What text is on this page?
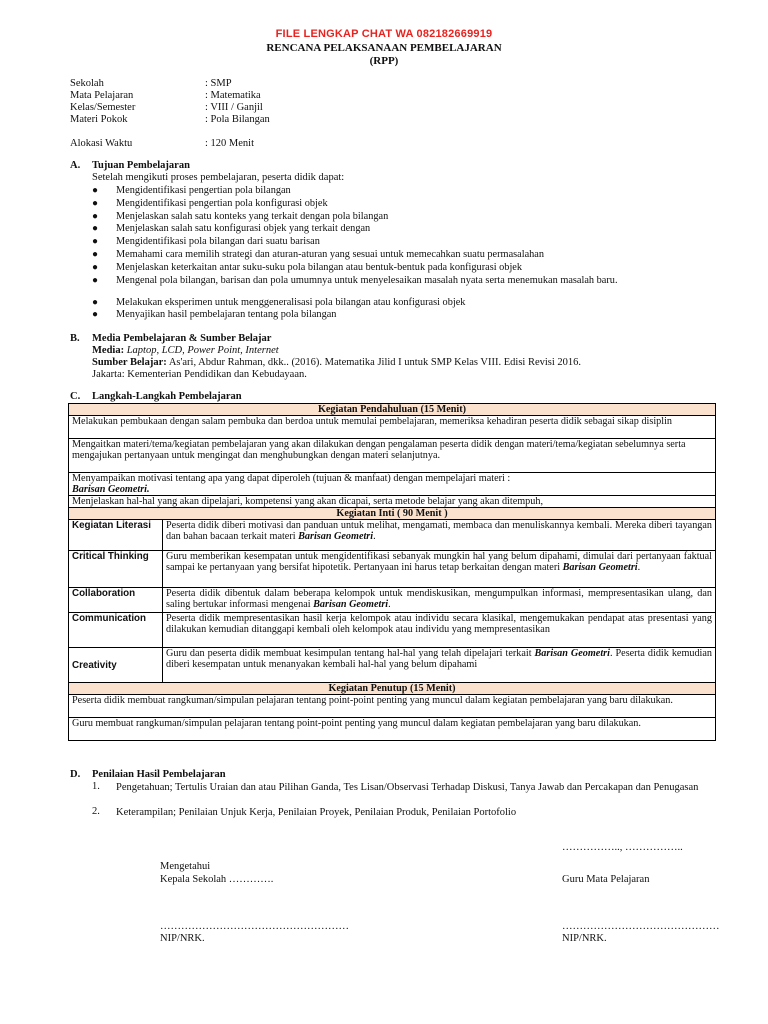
FILE LENGKAP CHAT WA 082182669919
RENCANA PELAKSANAAN PEMBELAJARAN
(RPP)
Sekolah	: SMP
Mata Pelajaran	: Matematika
Kelas/Semester	: VIII / Ganjil
Materi Pokok	: Pola Bilangan
Alokasi Waktu	: 120 Menit
A. Tujuan Pembelajaran
Setelah mengikuti proses pembelajaran, peserta didik dapat:
● Mengidentifikasi pengertian pola bilangan
● Mengidentifikasi pengertian pola konfigurasi objek
● Menjelaskan salah satu konteks yang terkait dengan pola bilangan
● Menjelaskan salah satu konfigurasi objek yang terkait dengan
● Mengidentifikasi pola bilangan dari suatu barisan
● Memahami cara memilih strategi dan aturan-aturan yang sesuai untuk memecahkan suatu permasalahan
● Menjelaskan keterkaitan antar suku-suku pola bilangan atau bentuk-bentuk pada konfigurasi objek
● Mengenal pola bilangan, barisan dan pola umumnya untuk menyelesaikan masalah nyata serta menemukan masalah baru.
● Melakukan eksperimen untuk menggeneralisasi pola bilangan atau konfigurasi objek
● Menyajikan hasil pembelajaran tentang pola bilangan
B. Media Pembelajaran & Sumber Belajar
Media: Laptop, LCD, Power Point, Internet
Sumber Belajar: As'ari, Abdur Rahman, dkk.. (2016). Matematika Jilid I untuk SMP Kelas VIII. Edisi Revisi 2016.
Jakarta: Kementerian Pendidikan dan Kebudayaan.
C. Langkah-Langkah Pembelajaran
Kegiatan Pendahuluan (15 Menit)	
Melakukan pembukaan dengan salam pembuka dan berdoa untuk memulai pembelajaran, memeriksa kehadiran peserta didik sebagai sikap disiplin	
Mengaitkan materi/tema/kegiatan pembelajaran yang akan dilakukan dengan pengalaman peserta didik dengan materi/tema/kegiatan sebelumnya serta mengajukan pertanyaan untuk mengingat dan menghubungkan dengan materi selanjutnya.	
Menyampaikan motivasi tentang apa yang dapat diperoleh (tujuan & manfaat) dengan mempelajari materi :
Barisan Geometri.	
Menjelaskan hal-hal yang akan dipelajari, kompetensi yang akan dicapai, serta metode belajar yang akan ditempuh,	
Kegiatan Inti ( 90 Menit )	
Kegiatan Literasi	Peserta didik diberi motivasi dan panduan untuk melihat, mengamati, membaca dan menuliskannya kembali. Mereka diberi tayangan dan bahan bacaan terkait materi Barisan Geometri.
Critical Thinking	Guru memberikan kesempatan untuk mengidentifikasi sebanyak mungkin hal yang belum dipahami, dimulai dari pertanyaan faktual sampai ke pertanyaan yang bersifat hipotetik. Pertanyaan ini harus tetap berkaitan dengan materi Barisan Geometri.
Collaboration	Peserta didik dibentuk dalam beberapa kelompok untuk mendiskusikan, mengumpulkan informasi, mempresentasikan ulang, dan saling bertukar informasi mengenai Barisan Geometri.
Communication	Peserta didik mempresentasikan hasil kerja kelompok atau individu secara klasikal, mengemukakan pendapat atas presentasi yang dilakukan kemudian ditanggapi kembali oleh kelompok atau individu yang mempresentasikan
Creativity	Guru dan peserta didik membuat kesimpulan tentang hal-hal yang telah dipelajari terkait Barisan Geometri. Peserta didik kemudian diberi kesempatan untuk menanyakan kembali hal-hal yang belum dipahami
Kegiatan Penutup (15 Menit)	
Peserta didik membuat rangkuman/simpulan pelajaran tentang point-point penting yang muncul dalam kegiatan pembelajaran yang baru dilakukan.	
Guru membuat rangkuman/simpulan pelajaran tentang point-point penting yang muncul dalam kegiatan pembelajaran yang baru dilakukan.	
D. Penilaian Hasil Pembelajaran
1. Pengetahuan; Tertulis Uraian dan atau Pilihan Ganda, Tes Lisan/Observasi Terhadap Diskusi, Tanya Jawab dan Percakapan dan Penugasan
2. Keterampilan; Penilaian Unjuk Kerja, Penilaian Proyek, Penilaian Produk, Penilaian Portofolio
…………….., ……………..
Mengetahui
Kepala Sekolah ………….	Guru Mata Pelajaran
………………………………………………	………………………………………
NIP/NRK.	NIP/NRK.
